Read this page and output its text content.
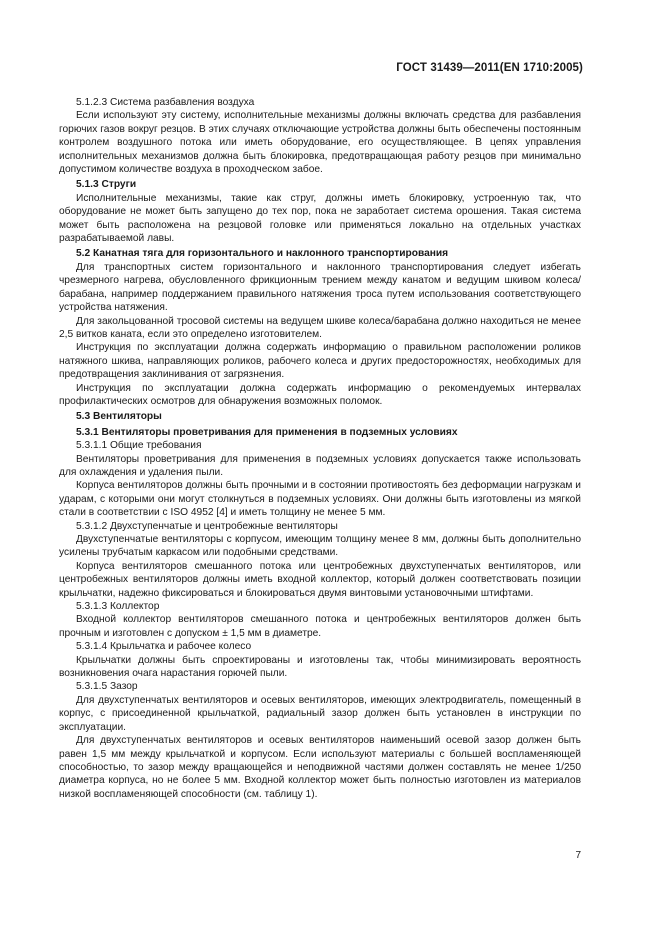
ГОСТ 31439—2011(EN 1710:2005)

5.1.2.3 Система разбавления воздуха

Если используют эту систему, исполнительные механизмы должны включать средства для разбавления горючих газов вокруг резцов. В этих случаях отключающие устройства должны быть обеспечены постоянным контролем воздушного потока или иметь оборудование, его осуществляющее. В цепях управления исполнительных механизмов должна быть блокировка, предотвращающая работу резцов при минимально допустимом количестве воздуха в проходческом забое.

5.1.3 Струги

Исполнительные механизмы, такие как струг, должны иметь блокировку, устроенную так, что оборудование не может быть запущено до тех пор, пока не заработает система орошения. Такая система может быть расположена на резцовой головке или применяться локально на отдельных участках разрабатываемой лавы.

5.2 Канатная тяга для горизонтального и наклонного транспортирования

Для транспортных систем горизонтального и наклонного транспортирования следует избегать чрезмерного нагрева, обусловленного фрикционным трением между канатом и ведущим шкивом колеса/барабана, например поддержанием правильного натяжения троса путем использования соответствующего устройства натяжения.

Для закольцованной тросовой системы на ведущем шкиве колеса/барабана должно находиться не менее 2,5 витков каната, если это определено изготовителем.

Инструкция по эксплуатации должна содержать информацию о правильном расположении роликов натяжного шкива, направляющих роликов, рабочего колеса и других предосторожностях, необходимых для предотвращения заклинивания от загрязнения.

Инструкция по эксплуатации должна содержать информацию о рекомендуемых интервалах профилактических осмотров для обнаружения возможных поломок.

5.3 Вентиляторы

5.3.1 Вентиляторы проветривания для применения в подземных условиях

5.3.1.1 Общие требования

Вентиляторы проветривания для применения в подземных условиях допускается также использовать для охлаждения и удаления пыли.

Корпуса вентиляторов должны быть прочными и в состоянии противостоять без деформации нагрузкам и ударам, с которыми они могут столкнуться в подземных условиях. Они должны быть изготовлены из мягкой стали в соответствии с ISO 4952 [4] и иметь толщину не менее 5 мм.

5.3.1.2 Двухступенчатые и центробежные вентиляторы

Двухступенчатые вентиляторы с корпусом, имеющим толщину менее 8 мм, должны быть дополнительно усилены трубчатым каркасом или подобными средствами.

Корпуса вентиляторов смешанного потока или центробежных двухступенчатых вентиляторов, или центробежных вентиляторов должны иметь входной коллектор, который должен соответствовать позиции крыльчатки, надежно фиксироваться и блокироваться двумя винтовыми установочными штифтами.

5.3.1.3 Коллектор

Входной коллектор вентиляторов смешанного потока и центробежных вентиляторов должен быть прочным и изготовлен с допуском ± 1,5 мм в диаметре.

5.3.1.4 Крыльчатка и рабочее колесо

Крыльчатки должны быть спроектированы и изготовлены так, чтобы минимизировать вероятность возникновения очага нарастания горючей пыли.

5.3.1.5 Зазор

Для двухступенчатых вентиляторов и осевых вентиляторов, имеющих электродвигатель, помещенный в корпус, с присоединенной крыльчаткой, радиальный зазор должен быть установлен в инструкции по эксплуатации.

Для двухступенчатых вентиляторов и осевых вентиляторов наименьший осевой зазор должен быть равен 1,5 мм между крыльчаткой и корпусом. Если используют материалы с большей воспламеняющей способностью, то зазор между вращающейся и неподвижной частями должен составлять не менее 1/250 диаметра корпуса, но не более 5 мм. Входной коллектор может быть полностью изготовлен из материалов низкой воспламеняющей способности (см. таблицу 1).

7
